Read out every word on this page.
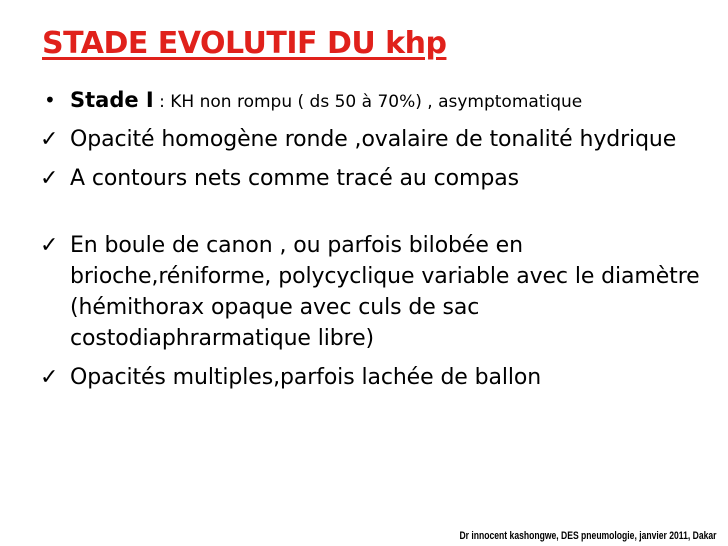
STADE EVOLUTIF DU khp
• Stade I : KH non rompu ( ds 50 à 70%) , asymptomatique
✓ Opacité homogène ronde ,ovalaire de tonalité hydrique
✓ A contours nets comme tracé au compas
✓ En boule de canon , ou parfois bilobée en brioche,réniforme, polycyclique variable avec le diamètre (hémithorax opaque avec culs de sac costodiaphrarmatique libre)
✓ Opacités multiples,parfois lachée de ballon
Dr innocent kashongwe, DES pneumologie, janvier 2011, Dakar
